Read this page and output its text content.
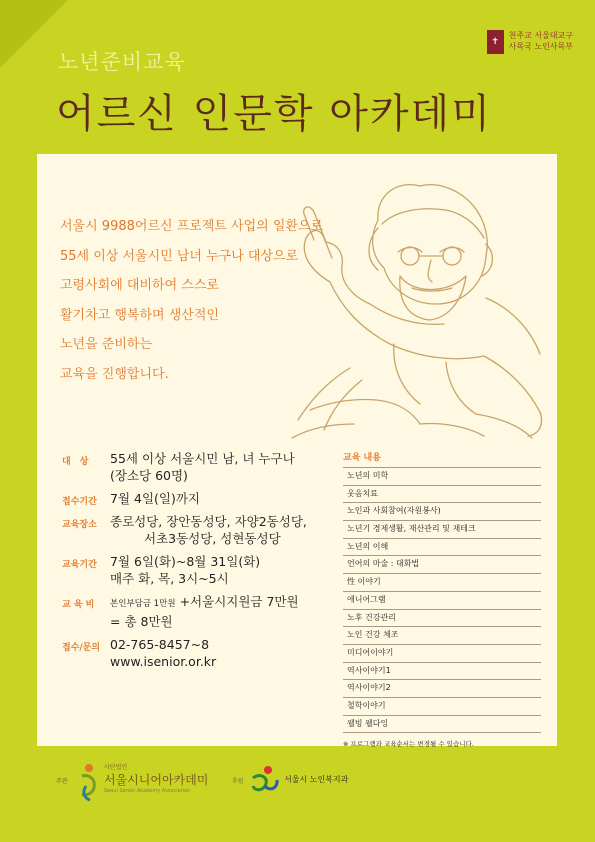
✝
천주교 서울대교구
사목국 노인사목부
노년준비교육
어르신 인문학 아카데미
서울시 9988어르신 프로젝트 사업의 일환으로
55세 이상 서울시민 남녀 누구나 대상으로
고령사회에 대비하여 스스로
활기차고 행복하며 생산적인
노년을 준비하는
교육을 진행합니다.
대　상	55세 이상 서울시민 남, 녀 누구나
(장소당 60명)
접수기간	7월 4일(일)까지
교육장소	종로성당, 장안동성당, 자양2동성당,
서초3동성당, 성현동성당
교육기간	7월 6일(화)~8월 31일(화)
매주 화, 목, 3시~5시
교 육 비	본인부담금 1만원 +서울시지원금 7만원
= 총 8만원
접수/문의 02-765-8457~8
www.isenior.or.kr
교육 내용
노년의 미학
웃음치료
노인과 사회참여(자원봉사)
노년기 경제생활, 재산관리 및 재테크
노년의 이해
언어의 마술 : 대화법
性 이야기
애니어그램
노후 건강관리
노인 건강 체조
미디어이야기
역사이야기1
역사이야기2
철학이야기
웰빙 웰다잉
※ 프로그램과 교육순서는 변경될 수 있습니다.
주관
사단법인
서울시니어아카데미
Seoul Senior Academy Association
후원	서울시 노인복지과
